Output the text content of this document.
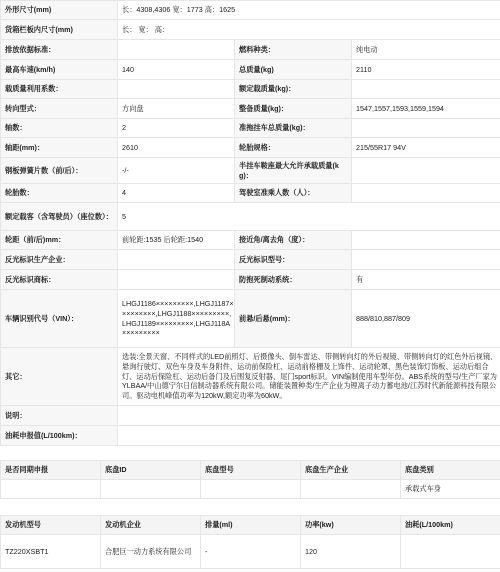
外形尺寸(mm)	长：4308,4306 宽：1773 高：1625		
货箱栏板内尺寸(mm)	长： 宽： 高：		
排放依据标准：		燃料种类：	纯电动
最高车速(km/h)	140	总质量(kg)	2110
载质量利用系数：		额定载质量(kg)：	
转向型式：	方向盘	整备质量(kg)：	1547,1557,1593,1559,1594
轴数：	2	准拖挂车总质量(kg)：	
轴距(mm)：	2610	轮胎规格：	215/55R17 94V
钢板弹簧片数（前/后）：	-/-	半挂车鞍座最大允许承载质量(kg)：	
轮胎数：	4	驾驶室准乘人数（人）：	
额定载客（含驾驶员）（座位数）：	5		
轮距（前/后)mm：	前轮距:1535 后轮距:1540	接近角/离去角（度）：	
反光标识生产企业：		反光标识型号：	
反光标识商标：		防抱死制动系统：	有
车辆识别代号（VIN）：	LHGJ1186×××××××××,LHGJ1187×××××××××,LHGJ1188×××××××××,LHGJ1189×××××××××,LHGJ118A×××××××××	前悬/后悬(mm)：	888/810,887/809
其它：	选装:全景天窗、不同样式的LED前照灯、后摄像头、倒车雷达、带侧转向灯的外后视镜、带侧转向灯的红色外后视镜、悬询行驶灯、双色车身及车身附件、运动前保险杠、运动前格栅及上饰件、运动轮罩、黑色装饰灯饰板、运动后组合灯、运动后保险杠、运动后备门及后围复反射器、尾门sport标识。VIN编制使用车型年份。ABS系统的型号/生产厂家为YLBAA/中山德宁尔日信制动器系统有限公司。储能装置种类/生产企业为锂离子动力蓄电池/江苏时代新能源科技有限公司。驱动电机峰值功率为120kW,额定功率为60kW。		
说明：			
油耗申报值(L/100km)：			
是否同期申报	底盘ID	底盘型号	底盘生产企业	底盘类别
				承载式车身
发动机型号	发动机企业	排量(ml)	功率(kw)	油耗(L/100km)
TZ220XSBT1	合肥巨一动力系统有限公司	-	120	
